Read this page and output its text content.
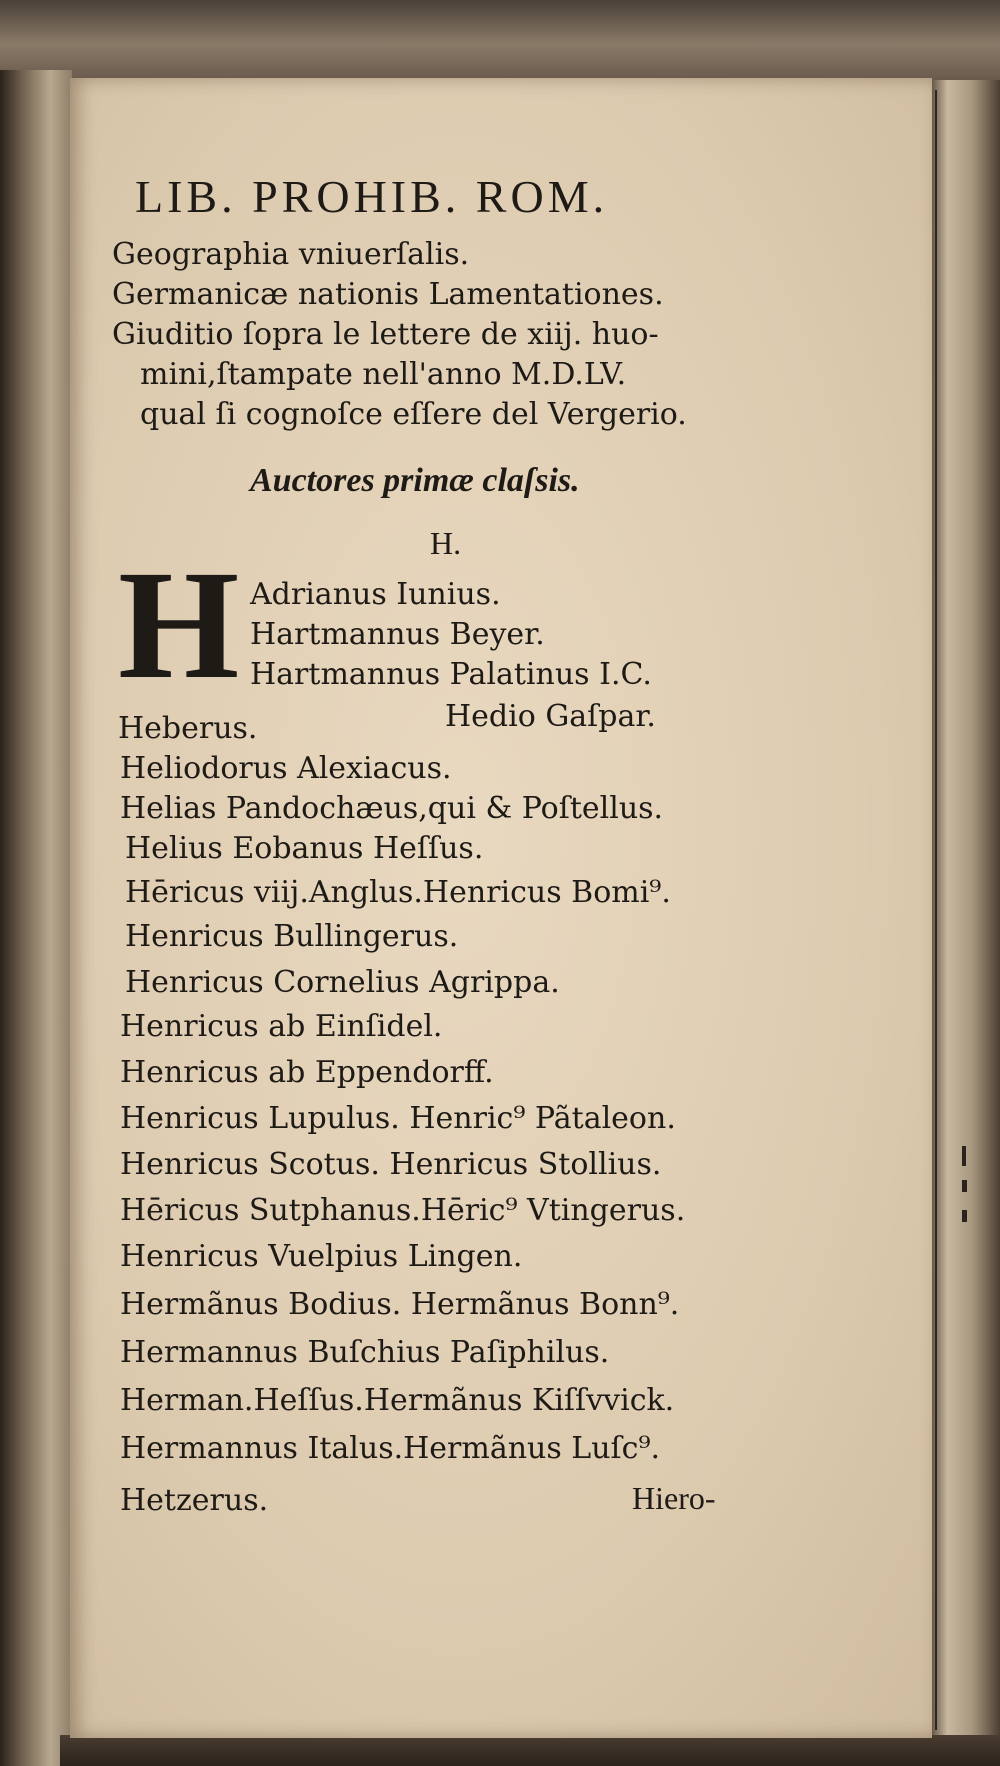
LIB. PROHIB. ROM.
Geographia vniuerſalis.
Germanicæ nationis Lamentationes.
Giuditio ſopra le lettere de xiij. huo-
mini,ſtampate nell'anno M.D.LV.
qual ſi cognoſce eſſere del Vergerio.
Auctores primæ claſsis.
H.
H Adrianus Iunius.
Hartmannus Beyer.
Hartmannus Palatinus I.C.
Heberus.	Hedio Gaſpar.
Heliodorus Alexiacus.
Helias Pandochæus,qui & Poſtellus.
Helius Eobanus Heſſus.
Hēricus viij.Anglus.Henricus Bomi⁹.
Henricus Bullingerus.
Henricus Cornelius Agrippa.
Henricus ab Einſidel.
Henricus ab Eppendorff.
Henricus Lupulus. Henric⁹ Pãtaleon.
Henricus Scotus. Henricus Stollius.
Hēricus Sutphanus.Hēric⁹ Vtingerus.
Henricus Vuelpius Lingen.
Hermãnus Bodius. Hermãnus Bonn⁹.
Hermannus Buſchius Paſiphilus.
Herman.Heſſus.Hermãnus Kiſſvvick.
Hermannus Italus.Hermãnus Luſc⁹.
Hetzerus.	Hiero-
